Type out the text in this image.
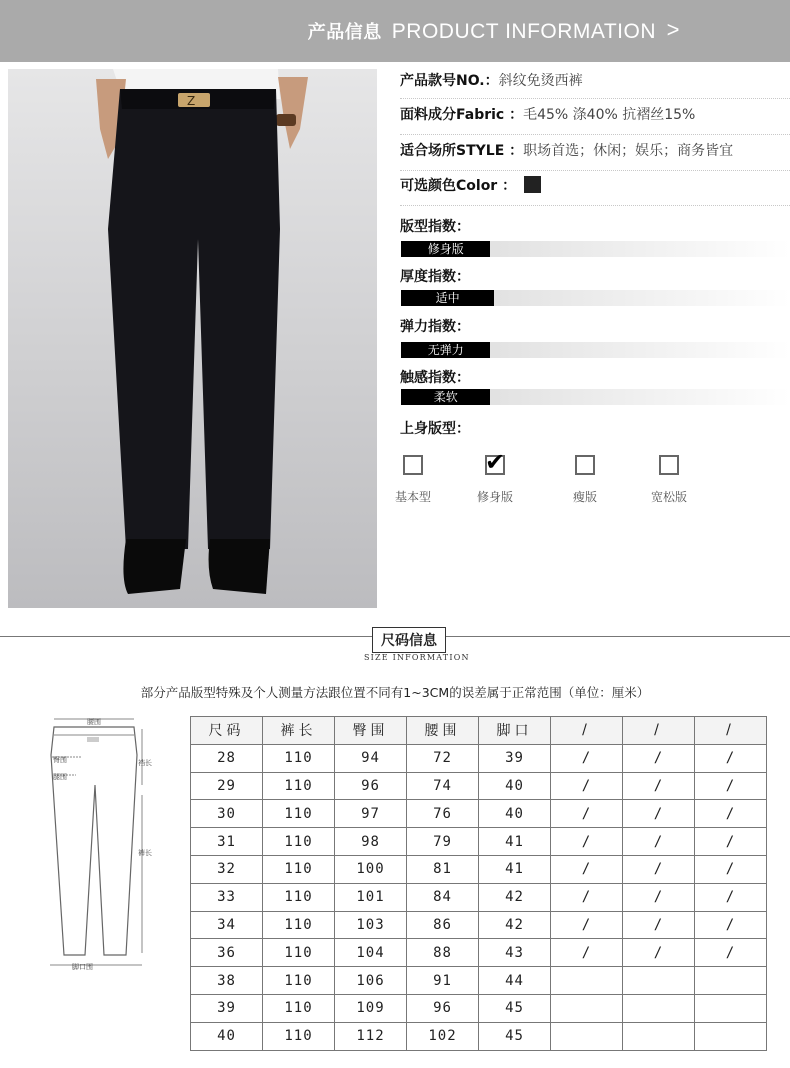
产品信息 PRODUCT INFORMATION >
Z
产品款号NO.：斜纹免烫西裤
面料成分Fabric ：毛45% 涤40% 抗褶丝15%
适合场所STYLE ：职场首选；休闲；娱乐；商务皆宜
可选颜色Color ：
版型指数：
修身版
厚度指数：
适中
弹力指数：
无弹力
触感指数：
柔软
上身版型：
基本型
✔
修身版	瘦版	宽松版
尺码信息
SIZE INFORMATION
部分产品版型特殊及个人测量方法跟位置不同有1~3CM的误差属于正常范围（单位：厘米）
腰围
臀围
腿围
裆长
裤长
脚口围
尺码	裤长	臀围	腰围	脚口	/	/	/
28	110	94	72	39	/	/	/
29	110	96	74	40	/	/	/
30	110	97	76	40	/	/	/
31	110	98	79	41	/	/	/
32	110	100	81	41	/	/	/
33	110	101	84	42	/	/	/
34	110	103	86	42	/	/	/
36	110	104	88	43	/	/	/
38	110	106	91	44			
39	110	109	96	45			
40	110	112	102	45			
